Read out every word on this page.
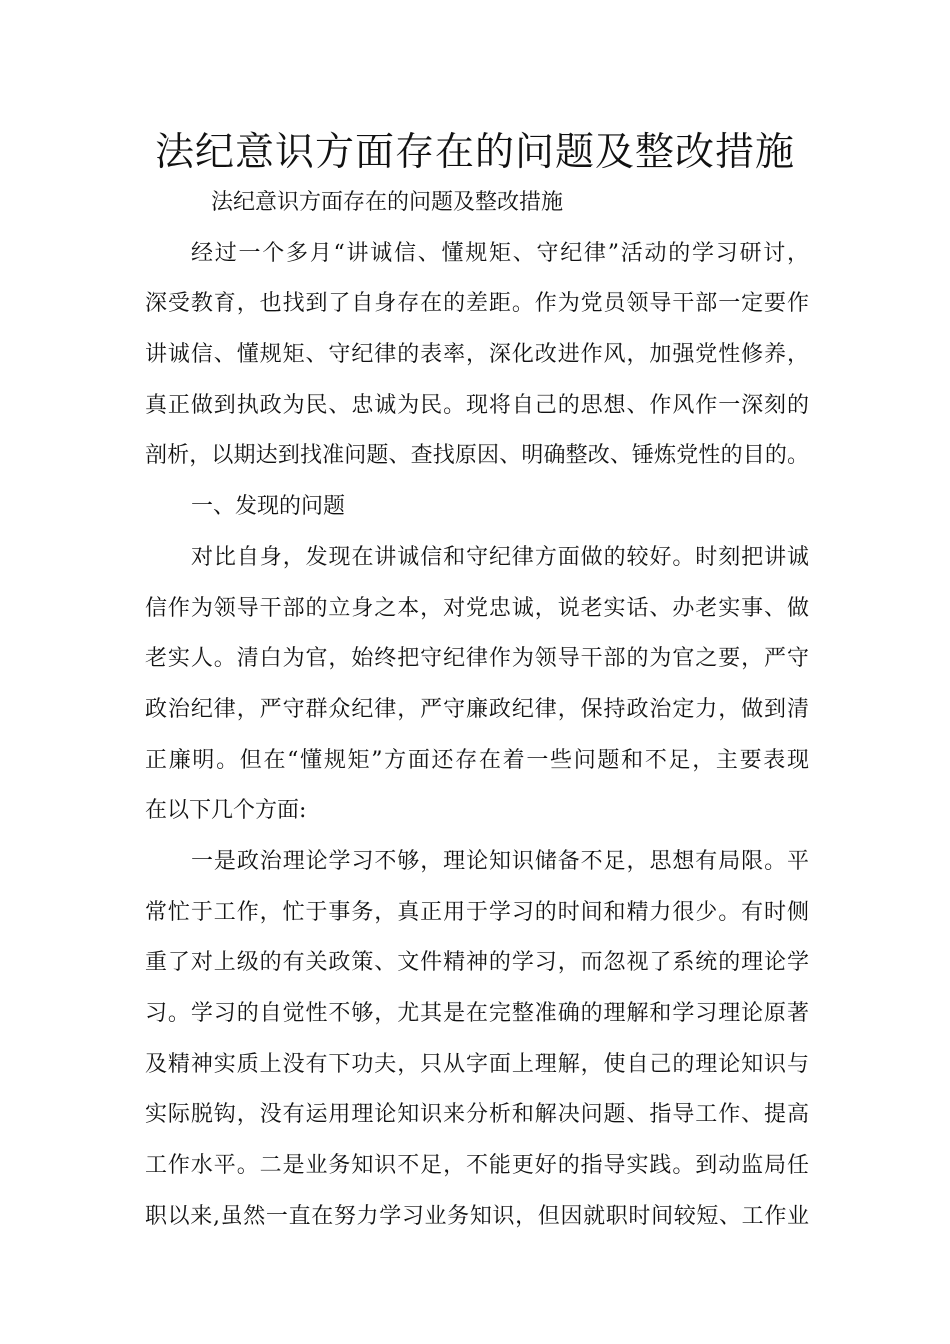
法纪意识方面存在的问题及整改措施
法纪意识方面存在的问题及整改措施
经过一个多月“讲诚信、懂规矩、守纪律”活动的学习研讨，
深受教育，也找到了自身存在的差距。作为党员领导干部一定要作
讲诚信、懂规矩、守纪律的表率，深化改进作风，加强党性修养，
真正做到执政为民、忠诚为民。现将自己的思想、作风作一深刻的
剖析，以期达到找准问题、查找原因、明确整改、锤炼党性的目的。
一、发现的问题
对比自身，发现在讲诚信和守纪律方面做的较好。时刻把讲诚
信作为领导干部的立身之本，对党忠诚，说老实话、办老实事、做
老实人。清白为官，始终把守纪律作为领导干部的为官之要，严守
政治纪律，严守群众纪律，严守廉政纪律，保持政治定力，做到清
正廉明。但在“懂规矩”方面还存在着一些问题和不足，主要表现
在以下几个方面:
一是政治理论学习不够，理论知识储备不足，思想有局限。平
常忙于工作，忙于事务，真正用于学习的时间和精力很少。有时侧
重了对上级的有关政策、文件精神的学习，而忽视了系统的理论学
习。学习的自觉性不够，尤其是在完整准确的理解和学习理论原著
及精神实质上没有下功夫，只从字面上理解，使自己的理论知识与
实际脱钩，没有运用理论知识来分析和解决问题、指导工作、提高
工作水平。二是业务知识不足，不能更好的指导实践。到动监局任
职以来,虽然一直在努力学习业务知识，但因就职时间较短、工作业
